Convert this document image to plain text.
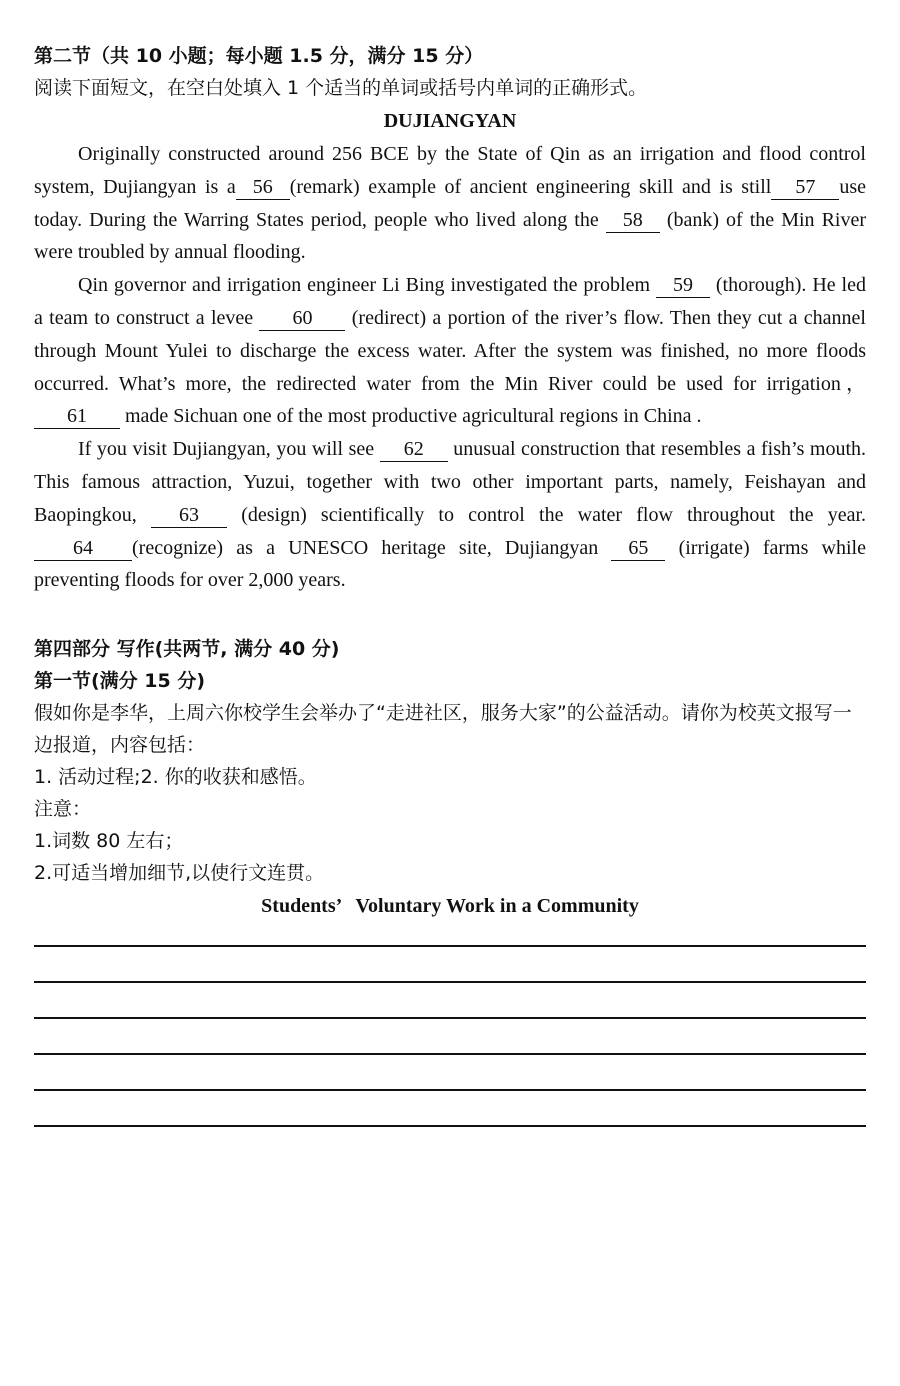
第二节（共 10 小题；每小题 1.5 分，满分 15 分）
阅读下面短文，在空白处填入 1 个适当的单词或括号内单词的正确形式。
DUJIANGYAN
Originally constructed around 256 BCE by the State of Qin as an irrigation and flood control system, Dujiangyan is a 56 (remark) example of ancient engineering skill and is still 57 use today. During the Warring States period, people who lived along the 58 (bank) of the Min River were troubled by annual flooding.
Qin governor and irrigation engineer Li Bing investigated the problem 59 (thorough). He led a team to construct a levee 60 (redirect) a portion of the river’s flow. Then they cut a channel through Mount Yulei to discharge the excess water. After the system was finished, no more floods occurred. What’s more, the redirected water from the Min River could be used for irrigation，61 made Sichuan one of the most productive agricultural regions in China .
If you visit Dujiangyan, you will see 62 unusual construction that resembles a fish’s mouth. This famous attraction, Yuzui, together with two other important parts, namely, Feishayan and Baopingkou, 63 (design) scientifically to control the water flow throughout the year. 64 (recognize) as a UNESCO heritage site, Dujiangyan 65 (irrigate) farms while preventing floods for over 2,000 years.
第四部分 写作(共两节, 满分 40 分)
第一节(满分 15 分)
假如你是李华，上周六你校学生会举办了“走进社区，服务大家”的公益活动。请你为校英文报写一边报道，内容包括：
1. 活动过程;2. 你的收获和感悟。
注意：
1.词数 80 左右；
2.可适当增加细节,以使行文连贯。
Students’   Voluntary Work in a Community
